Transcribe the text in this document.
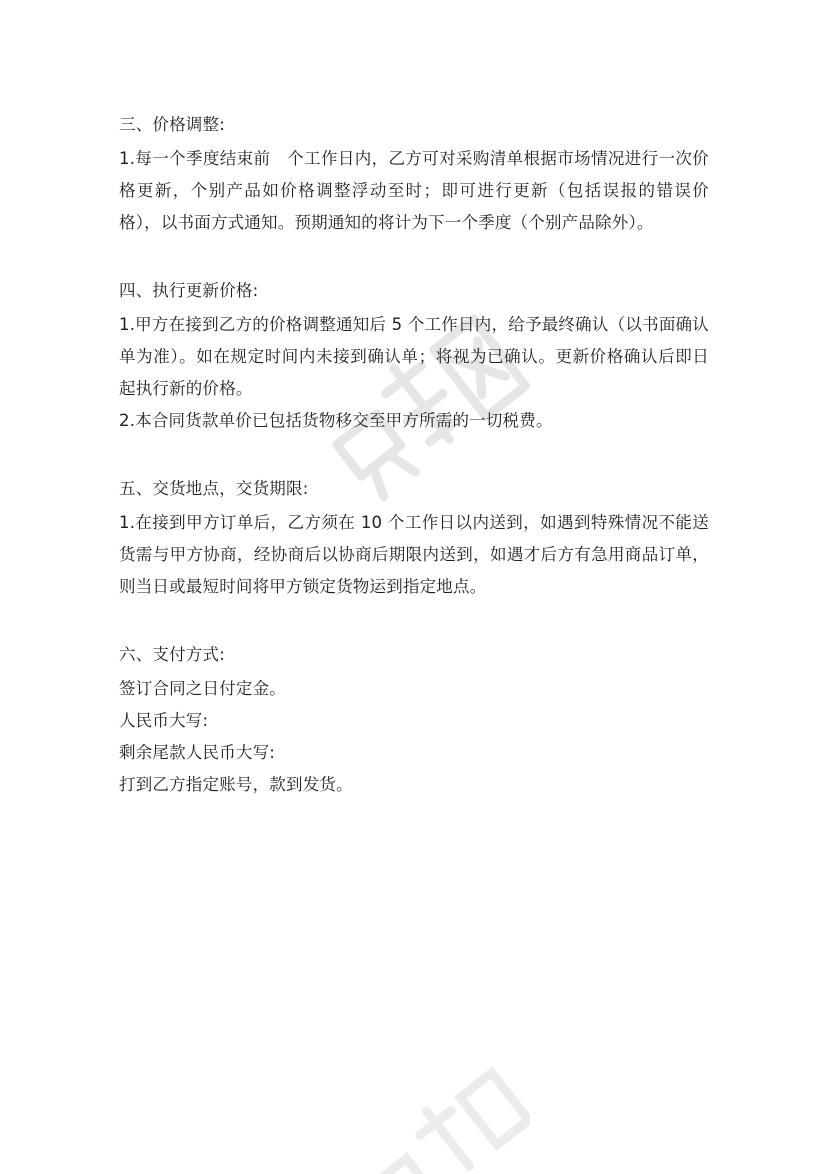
三、价格调整:

1.每一个季度结束前　个工作日内，乙方可对采购清单根据市场情况进行一次价格更新，个别产品如价格调整浮动至时；即可进行更新（包括误报的错误价格），以书面方式通知。预期通知的将计为下一个季度（个别产品除外）。

四、执行更新价格:

1.甲方在接到乙方的价格调整通知后 5 个工作日内，给予最终确认（以书面确认单为准）。如在规定时间内未接到确认单；将视为已确认。更新价格确认后即日起执行新的价格。

2.本合同货款单价已包括货物移交至甲方所需的一切税费。

五、交货地点，交货期限:

1.在接到甲方订单后，乙方须在 10 个工作日以内送到，如遇到特殊情况不能送货需与甲方协商，经协商后以协商后期限内送到，如遇才后方有急用商品订单，则当日或最短时间将甲方锁定货物运到指定地点。

六、支付方式:

签订合同之日付定金。

人民币大写:

剩余尾款人民币大写:

打到乙方指定账号，款到发货。
